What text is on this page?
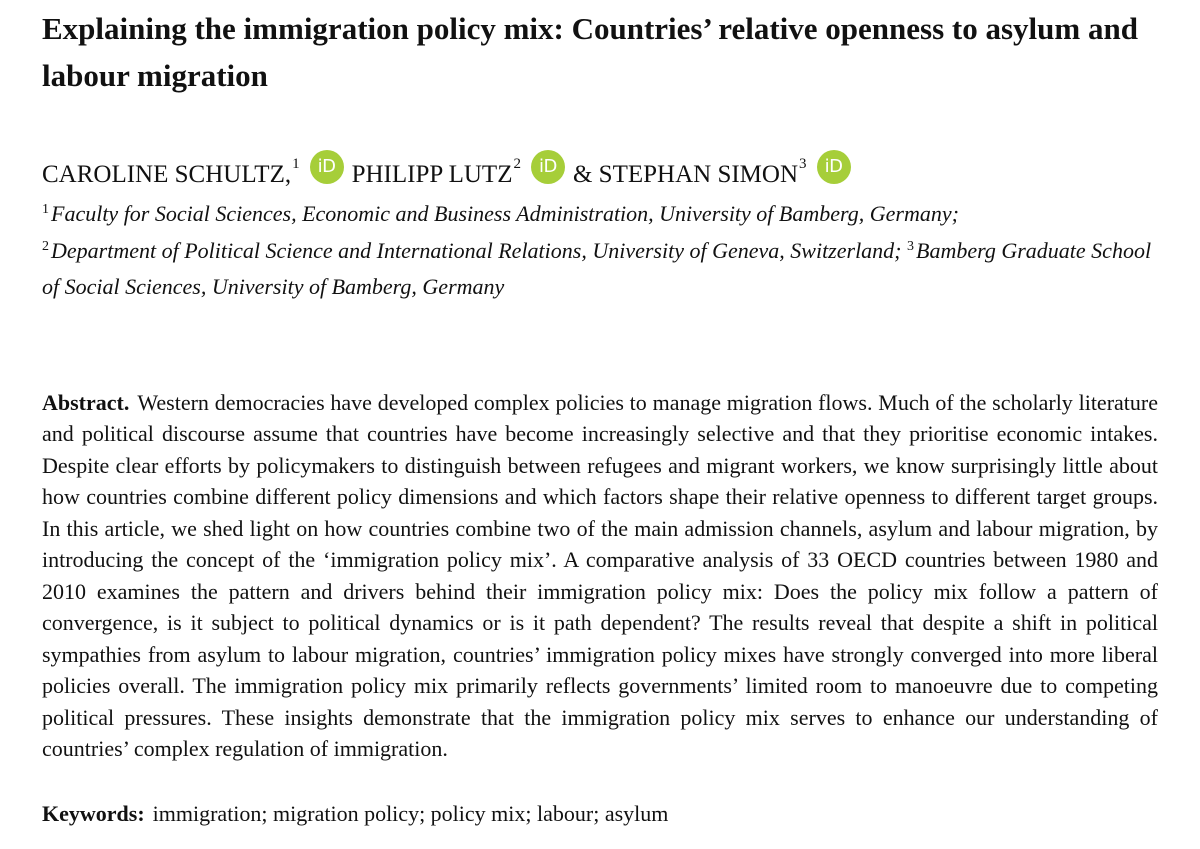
Explaining the immigration policy mix: Countries’ relative openness to asylum and labour migration
CAROLINE SCHULTZ,$^1$	iD PHILIPP LUTZ$^2$	iD & STEPHAN SIMON$^3$	iD
$^1$Faculty for Social Sciences, Economic and Business Administration, University of Bamberg, Germany;
$^2$Department of Political Science and International Relations, University of Geneva, Switzerland; $^3$Bamberg Graduate School of Social Sciences, University of Bamberg, Germany
Abstract. Western democracies have developed complex policies to manage migration flows. Much of the scholarly literature and political discourse assume that countries have become increasingly selective and that they prioritise economic intakes. Despite clear efforts by policymakers to distinguish between refugees and migrant workers, we know surprisingly little about how countries combine different policy dimensions and which factors shape their relative openness to different target groups. In this article, we shed light on how countries combine two of the main admission channels, asylum and labour migration, by introducing the concept of the ‘immigration policy mix’. A comparative analysis of 33 OECD countries between 1980 and 2010 examines the pattern and drivers behind their immigration policy mix: Does the policy mix follow a pattern of convergence, is it subject to political dynamics or is it path dependent? The results reveal that despite a shift in political sympathies from asylum to labour migration, countries’ immigration policy mixes have strongly converged into more liberal policies overall. The immigration policy mix primarily reflects governments’ limited room to manoeuvre due to competing political pressures. These insights demonstrate that the immigration policy mix serves to enhance our understanding of countries’ complex regulation of immigration.
Keywords: immigration; migration policy; policy mix; labour; asylum
